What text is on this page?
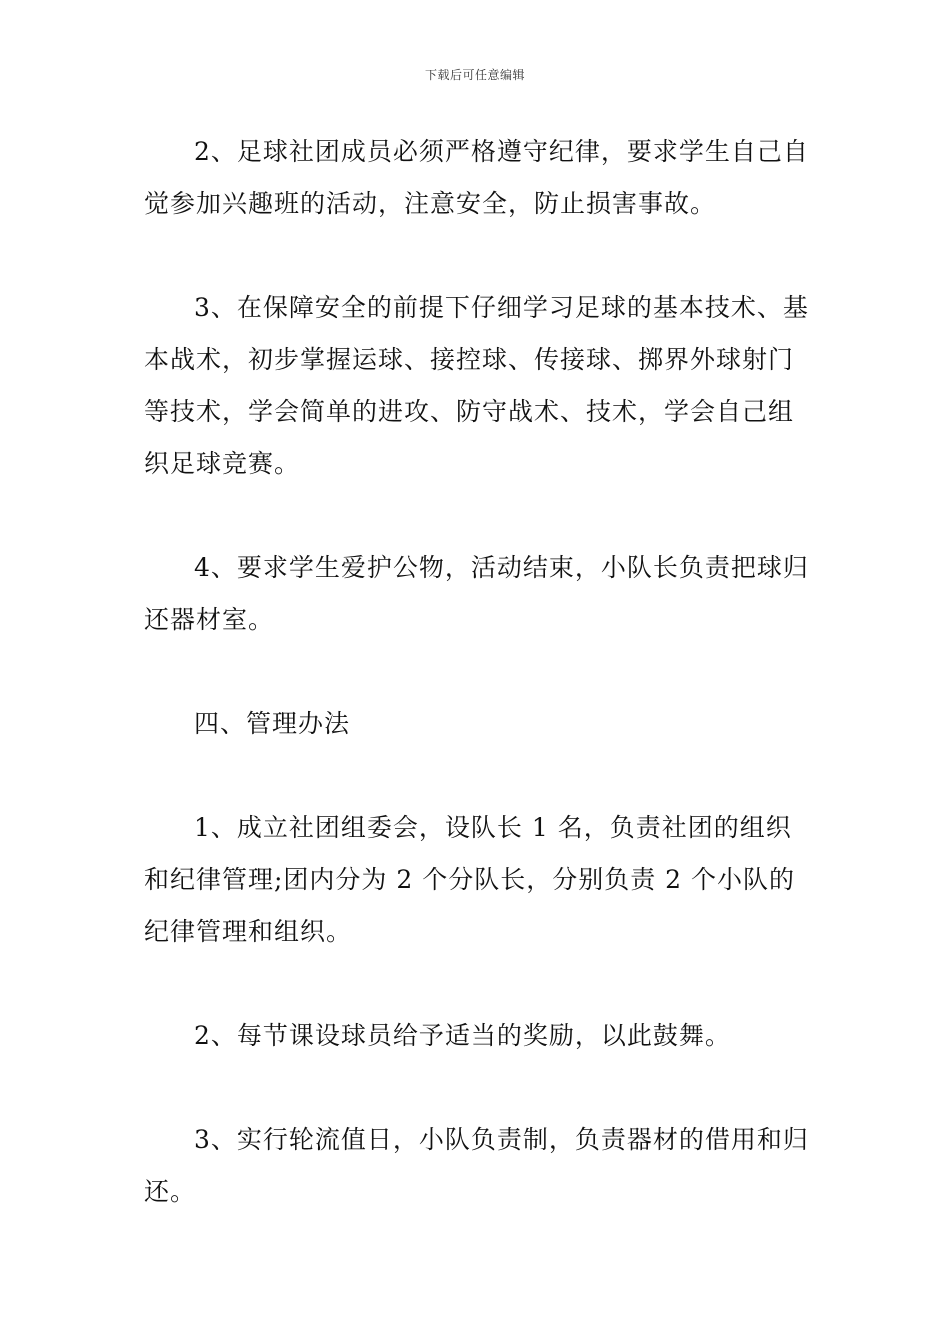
下载后可任意编辑

2、足球社团成员必须严格遵守纪律，要求学生自己自觉参加兴趣班的活动，注意安全，防止损害事故。

3、在保障安全的前提下仔细学习足球的基本技术、基本战术，初步掌握运球、接控球、传接球、掷界外球射门等技术，学会简单的进攻、防守战术、技术，学会自己组织足球竞赛。

4、要求学生爱护公物，活动结束，小队长负责把球归还器材室。

四、管理办法

1、成立社团组委会，设队长 1 名，负责社团的组织和纪律管理;团内分为 2 个分队长，分别负责 2 个小队的纪律管理和组织。

2、每节课设球员给予适当的奖励，以此鼓舞。

3、实行轮流值日，小队负责制，负责器材的借用和归还。
